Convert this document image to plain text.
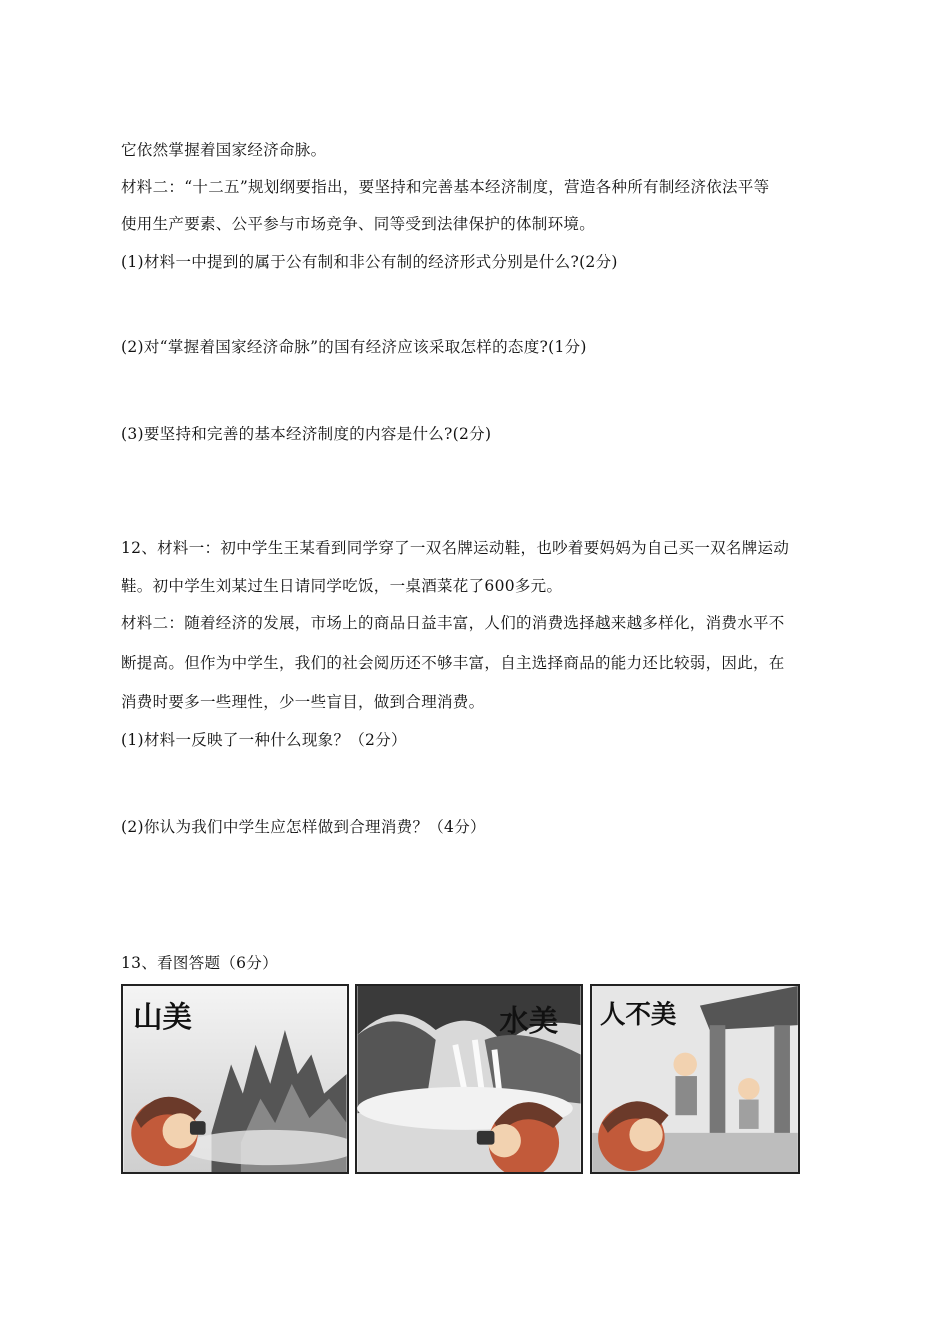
它依然掌握着国家经济命脉。
材料二：“十二五”规划纲要指出，要坚持和完善基本经济制度，营造各种所有制经济依法平等
使用生产要素、公平参与市场竞争、同等受到法律保护的体制环境。
(1)材料一中提到的属于公有制和非公有制的经济形式分别是什么?(2分)
(2)对“掌握着国家经济命脉”的国有经济应该采取怎样的态度?(1分)
(3)要坚持和完善的基本经济制度的内容是什么?(2分)
12、材料一：初中学生王某看到同学穿了一双名牌运动鞋，也吵着要妈妈为自己买一双名牌运动
鞋。初中学生刘某过生日请同学吃饭，一桌酒菜花了600多元。
材料二：随着经济的发展，市场上的商品日益丰富，人们的消费选择越来越多样化，消费水平不
断提高。但作为中学生，我们的社会阅历还不够丰富，自主选择商品的能力还比较弱，因此，在
消费时要多一些理性，少一些盲目，做到合理消费。
(1)材料一反映了一种什么现象？（2分）
(2)你认为我们中学生应怎样做到合理消费？（4分）
13、看图答题（6分）
山美	水美 人不美
